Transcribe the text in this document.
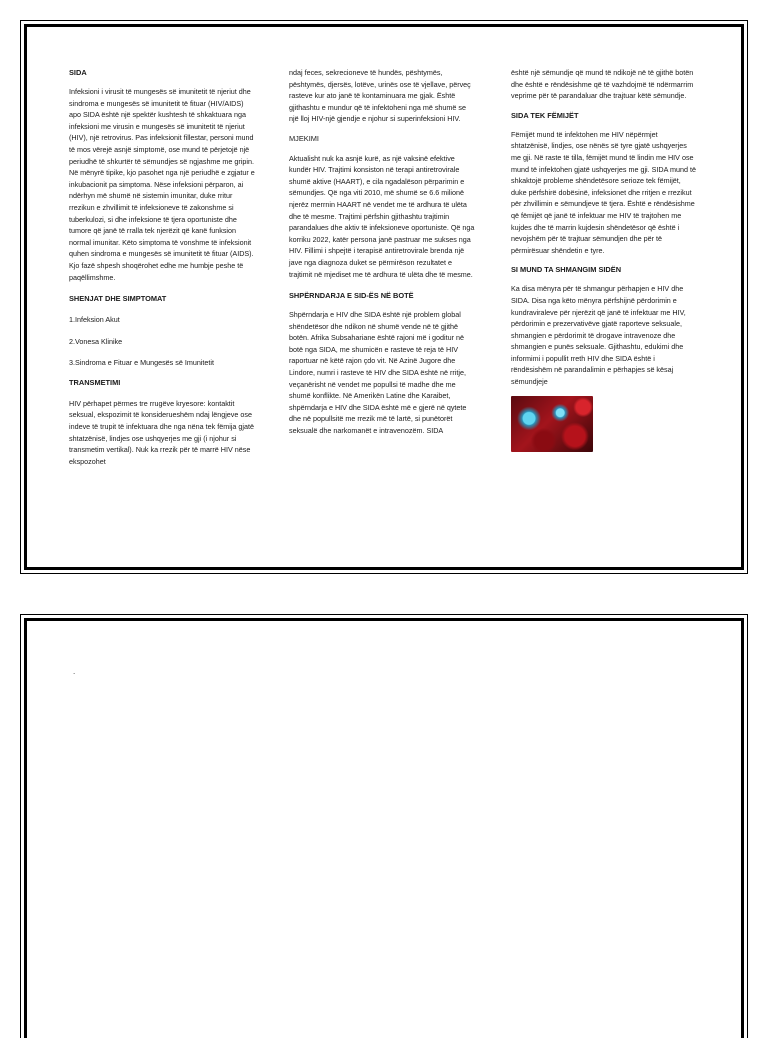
SIDA

Infeksioni i virusit të mungesës së imunitetit të njeriut dhe sindroma e mungesës së imunitetit të fituar (HIV/AIDS) apo SIDA është një spektër kushtesh të shkaktuara nga infeksioni me virusin e mungesës së imunitetit të njeriut (HIV), një retrovirus. Pas infeksionit fillestar, personi mund të mos vërejë asnjë simptomë, ose mund të përjetojë një periudhë të shkurtër të sëmundjes së ngjashme me gripin. Në mënyrë tipike, kjo pasohet nga një periudhë e zgjatur e inkubacionit pa simptoma. Nëse infeksioni përparon, ai ndërhyn më shumë në sistemin imunitar, duke rritur rrezikun e zhvillimit të infeksioneve të zakonshme si tuberkulozi, si dhe infeksione të tjera oportuniste dhe tumore që janë të rralla tek njerëzit që kanë funksion normal imunitar. Këto simptoma të vonshme të infeksionit quhen sindroma e mungesës së imunitetit të fituar (AIDS). Kjo fazë shpesh shoqërohet edhe me humbje peshe të paqëllimshme.

SHENJAT DHE SIMPTOMAT

1.Infeksion Akut

2.Vonesa Klinike

3.Sindroma e Fituar e Mungesës së Imunitetit

TRANSMETIMI

HIV përhapet përmes tre rrugëve kryesore: kontaktit seksual, ekspozimit të konsiderueshëm ndaj lëngjeve ose indeve të trupit të infektuara dhe nga nëna tek fëmija gjatë shtatzënisë, lindjes ose ushqyerjes me gji (i njohur si transmetim vertikal). Nuk ka rrezik për të marrë HIV nëse ekspozohet

ndaj feces, sekrecioneve të hundës, pështymës, pështymës, djersës, lotëve, urinës ose të vjellave, përveç rasteve kur ato janë të kontaminuara me gjak. Është gjithashtu e mundur që të infektoheni nga më shumë se një lloj HIV-një gjendje e njohur si superinfeksioni HIV.

MJEKIMI

Aktualisht nuk ka asnjë kurë, as një vaksinë efektive kundër HIV. Trajtimi konsiston në terapi antiretrovirale shumë aktive (HAART), e cila ngadalëson përparimin e sëmundjes. Që nga viti 2010, më shumë se 6.6 milionë njerëz merrnin HAART në vendet me të ardhura të ulëta dhe të mesme. Trajtimi përfshin gjithashtu trajtimin parandalues dhe aktiv të infeksioneve oportuniste. Që nga korriku 2022, katër persona janë pastruar me sukses nga HIV. Fillimi i shpejtë i terapisë antiretrovirale brenda një jave nga diagnoza duket se përmirëson rezultatet e trajtimit në mjediset me të ardhura të ulëta dhe të mesme.

SHPËRNDARJA E SID-ËS NË BOTË

Shpërndarja e HIV dhe SIDA është një problem global shëndetësor dhe ndikon në shumë vende në të gjithë botën. Afrika Subsahariane është rajoni më i goditur në botë nga SIDA, me shumicën e rasteve të reja të HIV raportuar në këtë rajon çdo vit. Në Azinë Jugore dhe Lindore, numri i rasteve të HIV dhe SIDA është në rritje, veçanërisht në vendet me popullsi të madhe dhe me shumë konflikte. Në Amerikën Latine dhe Karaibet, shpërndarja e HIV dhe SIDA është më e gjerë në qytete dhe në popullsitë me rrezik më të lartë, si punëtorët seksualë dhe narkomanët e intravenozëm. SIDA

është një sëmundje që mund të ndikojë në të gjithë botën dhe është e rëndësishme që të vazhdojmë të ndërmarrim veprime për të parandaluar dhe trajtuar këtë sëmundje.

SIDA TEK FËMIJËT

Fëmijët mund të infektohen me HIV nëpërmjet shtatzënisë, lindjes, ose nënës së tyre gjatë ushqyerjes me gji. Në raste të tilla, fëmijët mund të lindin me HIV ose mund të infektohen gjatë ushqyerjes me gji. SIDA mund të shkaktojë probleme shëndetësore serioze tek fëmijët, duke përfshirë dobësinë, infeksionet dhe rritjen e rrezikut për zhvillimin e sëmundjeve të tjera. Është e rëndësishme që fëmijët që janë të infektuar me HIV të trajtohen me kujdes dhe të marrin kujdesin shëndetësor që është i nevojshëm për të trajtuar sëmundjen dhe për të përmirësuar shëndetin e tyre.

SI MUND TA SHMANGIM SIDËN

Ka disa mënyra për të shmangur përhapjen e HIV dhe SIDA. Disa nga këto mënyra përfshijnë përdorimin e kundraviraleve për njerëzit që janë të infektuar me HIV, përdorimin e prezervativëve gjatë raporteve seksuale, shmangien e përdorimit të drogave intravenoze dhe shmangien e punës seksuale. Gjithashtu, edukimi dhe informimi i popullit rreth HIV dhe SIDA është i rëndësishëm në parandalimin e përhapjes së kësaj sëmundjeje

.
